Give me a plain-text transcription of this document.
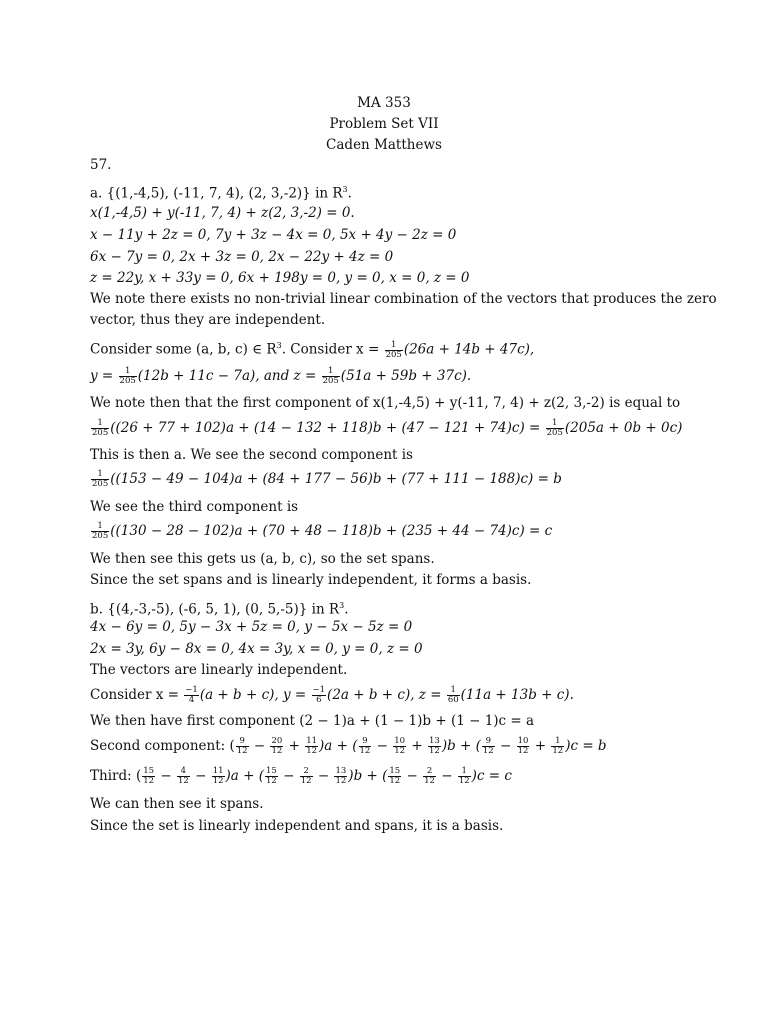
MA 353
Problem Set VII
Caden Matthews
57.
a. {(1,-4,5), (-11, 7, 4), (2, 3,-2)} in $R^3$.
x(1,-4,5) + y(-11, 7, 4) + z(2, 3,-2) = 0.
x − 11y + 2z = 0, 7y + 3z − 4x = 0, 5x + 4y − 2z = 0
6x − 7y = 0, 2x + 3z = 0, 2x − 22y + 4z = 0
z = 22y, x + 33y = 0, 6x + 198y = 0, y = 0, x = 0, z = 0
We note there exists no non-trivial linear combination of the vectors that produces the zero
vector, thus they are independent.
Consider some (a, b, c) ∈ $R^3$. Consider $x = \frac{1}{205} (26a + 14b + 47c)$,
$y = \frac{1}{205} (12b + 11c - 7a)$, and $z = \frac{1}{205} (51a + 59b + 37c)$.
We note then that the first component of x(1,-4,5) + y(-11, 7, 4) + z(2, 3,-2) is equal to
$\frac{1}{205} ((26 + 77 + 102)a + (14 - 132 + 118)b + (47 - 121 + 74)c) = \frac{1}{205} (205a + 0b + 0c)$
This is then a. We see the second component is
$\frac{1}{205} ((153 - 49 - 104)a + (84 + 177 - 56)b + (77 + 111 - 188)c) = b$
We see the third component is
$\frac{1}{205} ((130 - 28 - 102)a + (70 + 48 - 118)b + (235 + 44 - 74)c) = c$
We then see this gets us (a, b, c), so the set spans.
Since the set spans and is linearly independent, it forms a basis.
b. {(4,-3,-5), (-6, 5, 1), (0, 5,-5)} in $R^3$.
4x − 6y = 0, 5y − 3x + 5z = 0, y − 5x − 5z = 0
2x = 3y, 6y − 8x = 0, 4x = 3y, x = 0, y = 0, z = 0
The vectors are linearly independent.
Consider $x = \frac{-1}{4} (a + b + c)$, $y = \frac{-1}{6} (2a + b + c)$, $z = \frac{1}{60} (11a + 13b + c)$.
We then have first component (2 − 1)a + (1 − 1)b + (1 − 1)c = a
Second component: ( $\frac{9}{12} - \frac{20}{12} + \frac{11}{12} )a$ + ( $\frac{9}{12} - \frac{10}{12} + \frac{13}{12} )b$ + ( $\frac{9}{12} - \frac{10}{12} + \frac{1}{12} )c = b$
Third: ( $\frac{15}{12} - \frac{4}{12} - \frac{11}{12} )a$ + ( $\frac{15}{12} - \frac{2}{12} - \frac{13}{12} )b$ + ( $\frac{15}{12} - \frac{2}{12} - \frac{1}{12} )c = c$
We can then see it spans.
Since the set is linearly independent and spans, it is a basis.
